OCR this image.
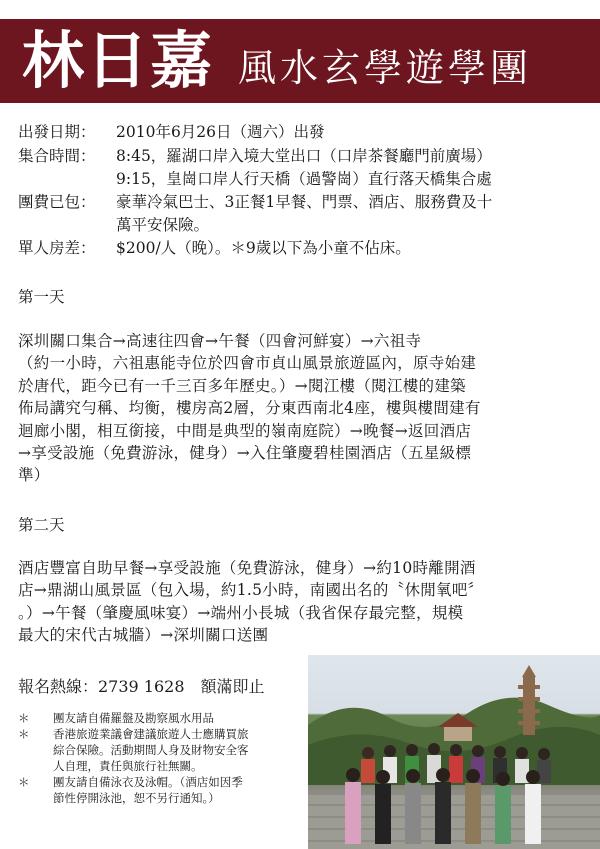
林日嘉 風水玄學遊學團
出發日期： 2010年6月26日（週六）出發
集合時間： 8:45，羅湖口岸入境大堂出口（口岸茶餐廳門前廣場）
9:15，皇崗口岸人行天橋（過警崗）直行落天橋集合處
團費已包： 豪華冷氣巴士、3正餐1早餐、門票、酒店、服務費及十
萬平安保險。
單人房差： $200/人（晚）。＊9歲以下為小童不佔床。
第一天
深圳關口集合→高速往四會→午餐（四會河鮮宴）→六祖寺
（約一小時，六祖惠能寺位於四會市貞山風景旅遊區內，原寺始建
於唐代，距今已有一千三百多年歷史。）→閱江樓（閱江樓的建築
佈局講究勻稱、均衡，樓房高2層，分東西南北4座，樓與樓間建有
迴廊小閣，相互銜接，中間是典型的嶺南庭院）→晚餐→返回酒店
→享受設施（免費游泳，健身）→入住肇慶碧桂園酒店（五星級標
準）
第二天
酒店豐富自助早餐→享受設施（免費游泳，健身）→約10時離開酒
店→鼎湖山風景區（包入場，約1.5小時，南國出名的〝休閒氧吧〞
。）→午餐（肇慶風味宴）→端州小長城（我省保存最完整，規模
最大的宋代古城牆）→深圳關口送團
報名熱線：2739 1628　額滿即止
＊ 團友請自備羅盤及勘察風水用品
＊ 香港旅遊業議會建議旅遊人士應購買旅
綜合保險。活動期間人身及財物安全客
人自理，責任與旅行社無關。
＊ 團友請自備泳衣及泳帽。（酒店如因季
節性停開泳池，恕不另行通知。）
